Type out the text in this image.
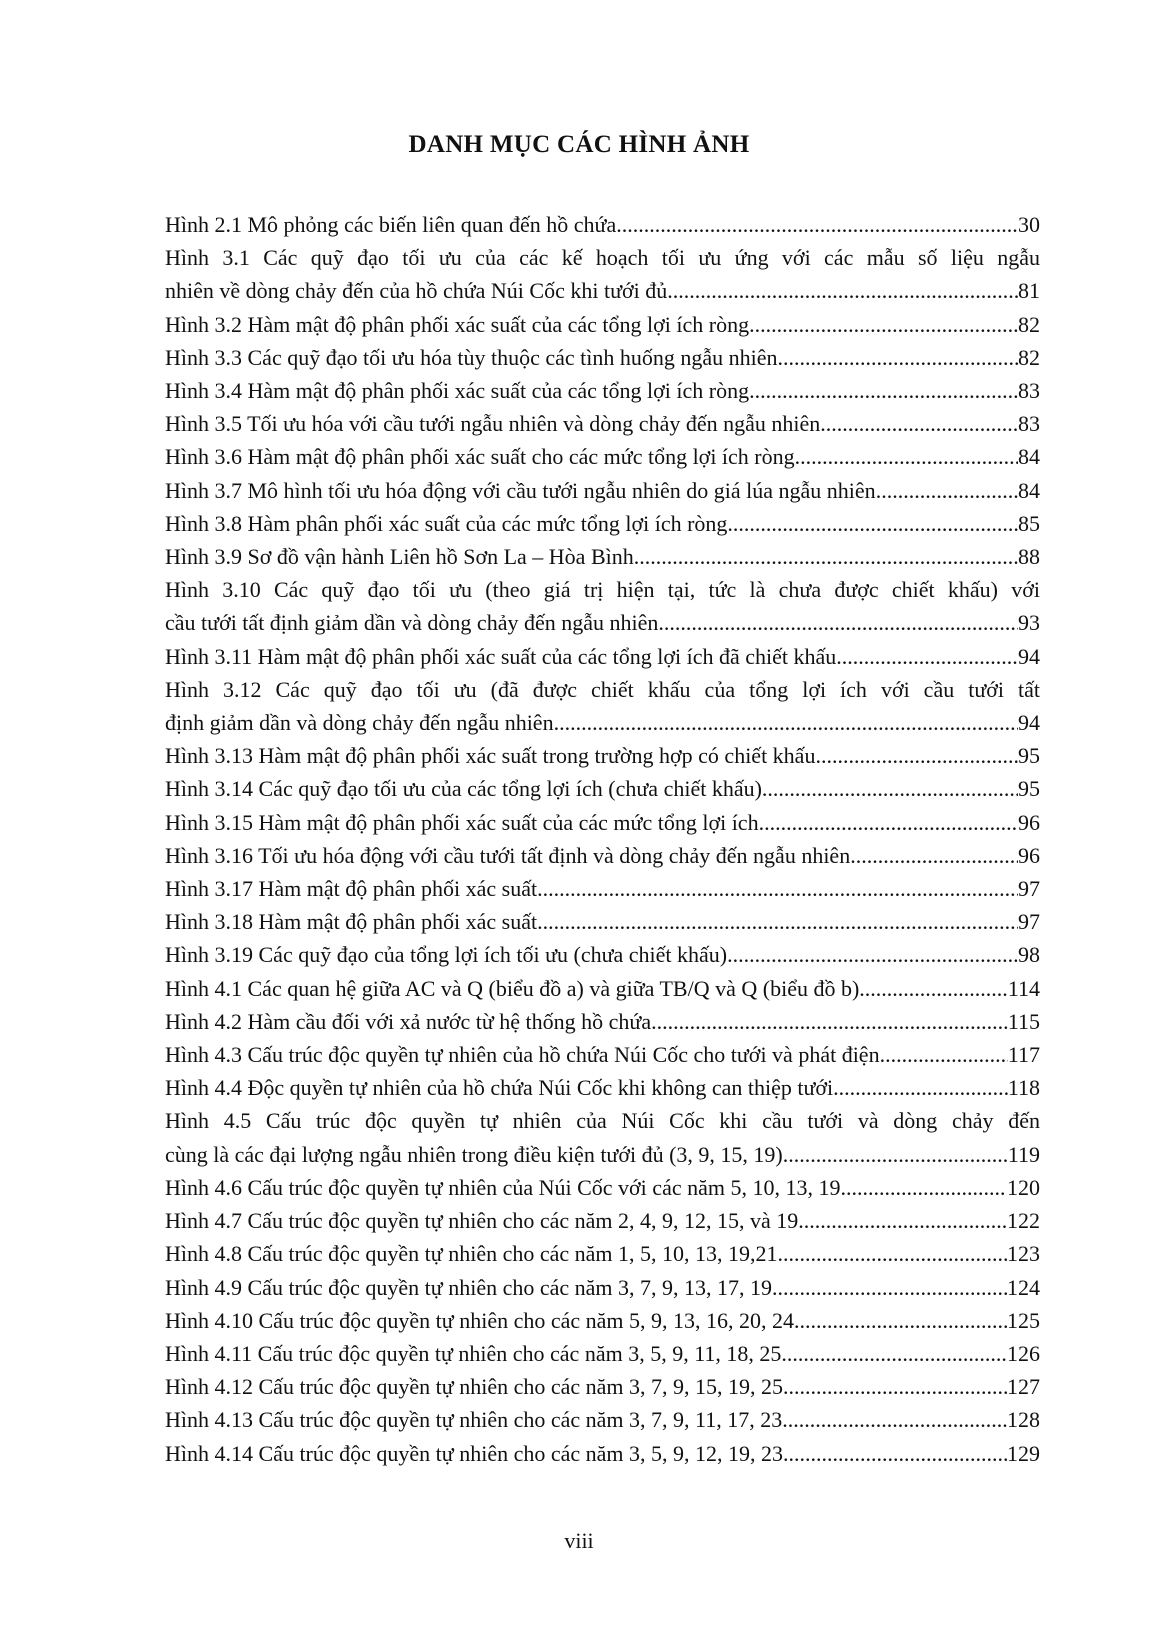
DANH MỤC CÁC HÌNH ẢNH
Hình 2.1 Mô phỏng các biến liên quan đến hồ chứa .....	30
Hình 3.1 Các quỹ đạo tối ưu của các kế hoạch tối ưu ứng với các mẫu số liệu ngẫu
nhiên về dòng chảy đến của hồ chứa Núi Cốc khi tưới đủ .....	81
Hình 3.2 Hàm mật độ phân phối xác suất của các tổng lợi ích ròng .....	82
Hình 3.3 Các quỹ đạo tối ưu hóa tùy thuộc các tình huống ngẫu nhiên .....	82
Hình 3.4 Hàm mật độ phân phối xác suất của các tổng lợi ích ròng .....	83
Hình 3.5 Tối ưu hóa với cầu tưới ngẫu nhiên và dòng chảy đến ngẫu nhiên .....	83
Hình 3.6 Hàm mật độ phân phối xác suất cho các mức tổng lợi ích ròng .....	84
Hình 3.7 Mô hình tối ưu hóa động với cầu tưới ngẫu nhiên do giá lúa ngẫu nhiên .....	84
Hình 3.8 Hàm phân phối xác suất của các mức tổng lợi ích ròng .....	85
Hình 3.9 Sơ đồ vận hành Liên hồ Sơn La – Hòa Bình .....	88
Hình 3.10 Các quỹ đạo tối ưu (theo giá trị hiện tại, tức là chưa được chiết khấu) với
cầu tưới tất định giảm dần và dòng chảy đến ngẫu nhiên .....	93
Hình 3.11 Hàm mật độ phân phối xác suất của các tổng lợi ích đã chiết khấu .....	94
Hình 3.12 Các quỹ đạo tối ưu (đã được chiết khấu của tổng lợi ích với cầu tưới tất
định giảm dần và dòng chảy đến ngẫu nhiên .....	94
Hình 3.13 Hàm mật độ phân phối xác suất trong trường hợp có chiết khấu .....	95
Hình 3.14 Các quỹ đạo tối ưu của các tổng lợi ích (chưa chiết khấu) .....	95
Hình 3.15 Hàm mật độ phân phối xác suất của các mức tổng lợi ích .....	96
Hình 3.16 Tối ưu hóa động với cầu tưới tất định và dòng chảy đến ngẫu nhiên .....	96
Hình 3.17 Hàm mật độ phân phối xác suất .....	97
Hình 3.18 Hàm mật độ phân phối xác suất .....	97
Hình 3.19 Các quỹ đạo của tổng lợi ích tối ưu (chưa chiết khấu) .....	98
Hình 4.1 Các quan hệ giữa AC và Q (biểu đồ a) và giữa TB/Q và Q (biểu đồ b) .....	114
Hình 4.2 Hàm cầu đối với xả nước từ hệ thống hồ chứa .....	115
Hình 4.3 Cấu trúc độc quyền tự nhiên của hồ chứa Núi Cốc cho tưới và phát điện .....	117
Hình 4.4 Độc quyền tự nhiên của hồ chứa Núi Cốc khi không can thiệp tưới .....	118
Hình 4.5 Cấu trúc độc quyền tự nhiên của Núi Cốc khi cầu tưới và dòng chảy đến
cùng là các đại lượng ngẫu nhiên trong điều kiện tưới đủ (3, 9, 15, 19) .....	119
Hình 4.6 Cấu trúc độc quyền tự nhiên của Núi Cốc với các năm 5, 10, 13, 19 .....	120
Hình 4.7 Cấu trúc độc quyền tự nhiên cho các năm 2, 4, 9, 12, 15, và 19 .....	122
Hình 4.8 Cấu trúc độc quyền tự nhiên cho các năm 1, 5, 10, 13, 19,21 .....	123
Hình 4.9 Cấu trúc độc quyền tự nhiên cho các năm 3, 7, 9, 13, 17, 19 .....	124
Hình 4.10 Cấu trúc độc quyền tự nhiên cho các năm 5, 9, 13, 16, 20, 24 .....	125
Hình 4.11 Cấu trúc độc quyền tự nhiên cho các năm 3, 5, 9, 11, 18, 25 .....	126
Hình 4.12 Cấu trúc độc quyền tự nhiên cho các năm 3, 7, 9, 15, 19, 25 .....	127
Hình 4.13 Cấu trúc độc quyền tự nhiên cho các năm 3, 7, 9, 11, 17, 23 .....	128
Hình 4.14 Cấu trúc độc quyền tự nhiên cho các năm 3, 5, 9, 12, 19, 23 .....	129
viii
